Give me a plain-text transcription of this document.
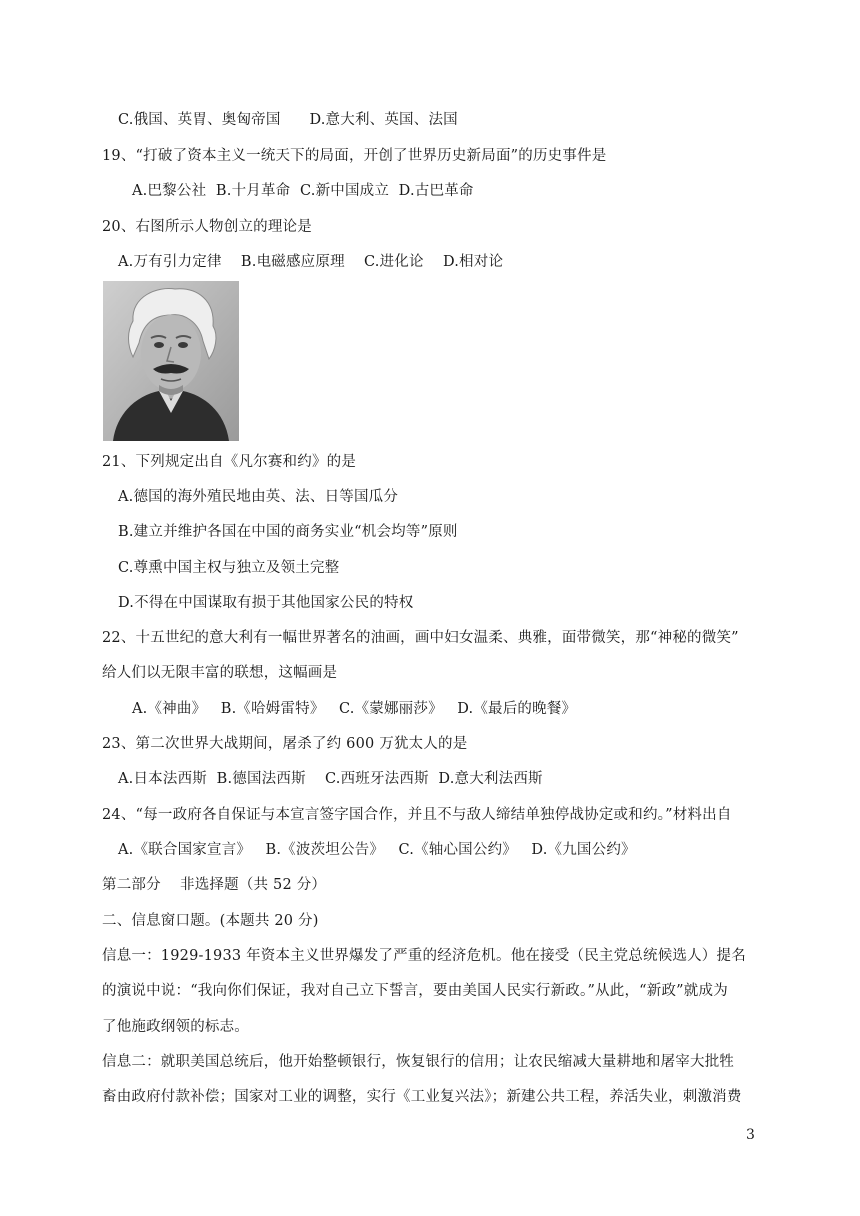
C.俄国、英胃、奥匈帝国      D.意大利、英国、法国
19、“打破了资本主义一统天下的局面，开创了世界历史新局面”的历史事件是
A.巴黎公社  B.十月革命  C.新中国成立  D.古巴革命
20、右图所示人物创立的理论是
A.万有引力定律    B.电磁感应原理    C.进化论    D.相对论
21、下列规定出自《凡尔赛和约》的是
A.德国的海外殖民地由英、法、日等国瓜分
B.建立并维护各国在中国的商务实业“机会均等”原则
C.尊熏中国主权与独立及领土完整
D.不得在中国谋取有损于其他国家公民的特权
22、十五世纪的意大利有一幅世界著名的油画，画中妇女温柔、典雅，面带微笑，那“神秘的微笑”
给人们以无限丰富的联想，这幅画是
A.《神曲》   B.《哈姆雷特》   C.《蒙娜丽莎》   D.《最后的晚餐》
23、第二次世界大战期间，屠杀了约 600 万犹太人的是
A.日本法西斯  B.德国法西斯    C.西班牙法西斯  D.意大利法西斯
24、“每一政府各自保证与本宣言签字国合作，并且不与敌人缔结单独停战协定或和约。”材料出自
A.《联合国家宣言》   B.《波茨坦公告》   C.《轴心国公约》   D.《九国公约》
第二部分    非选择题（共 52 分）
二、信息窗口题。(本题共 20 分)
信息一：1929-1933 年资本主义世界爆发了严重的经济危机。他在接受（民主党总统候选人）提名
的演说中说：“我向你们保证，我对自己立下誓言，要由美国人民实行新政。”从此，“新政”就成为
了他施政纲领的标志。
信息二：就职美国总统后，他开始整顿银行，恢复银行的信用；让农民缩减大量耕地和屠宰大批牲
畜由政府付款补偿；国家对工业的调整，实行《工业复兴法》；新建公共工程，养活失业，刺激消费
3
